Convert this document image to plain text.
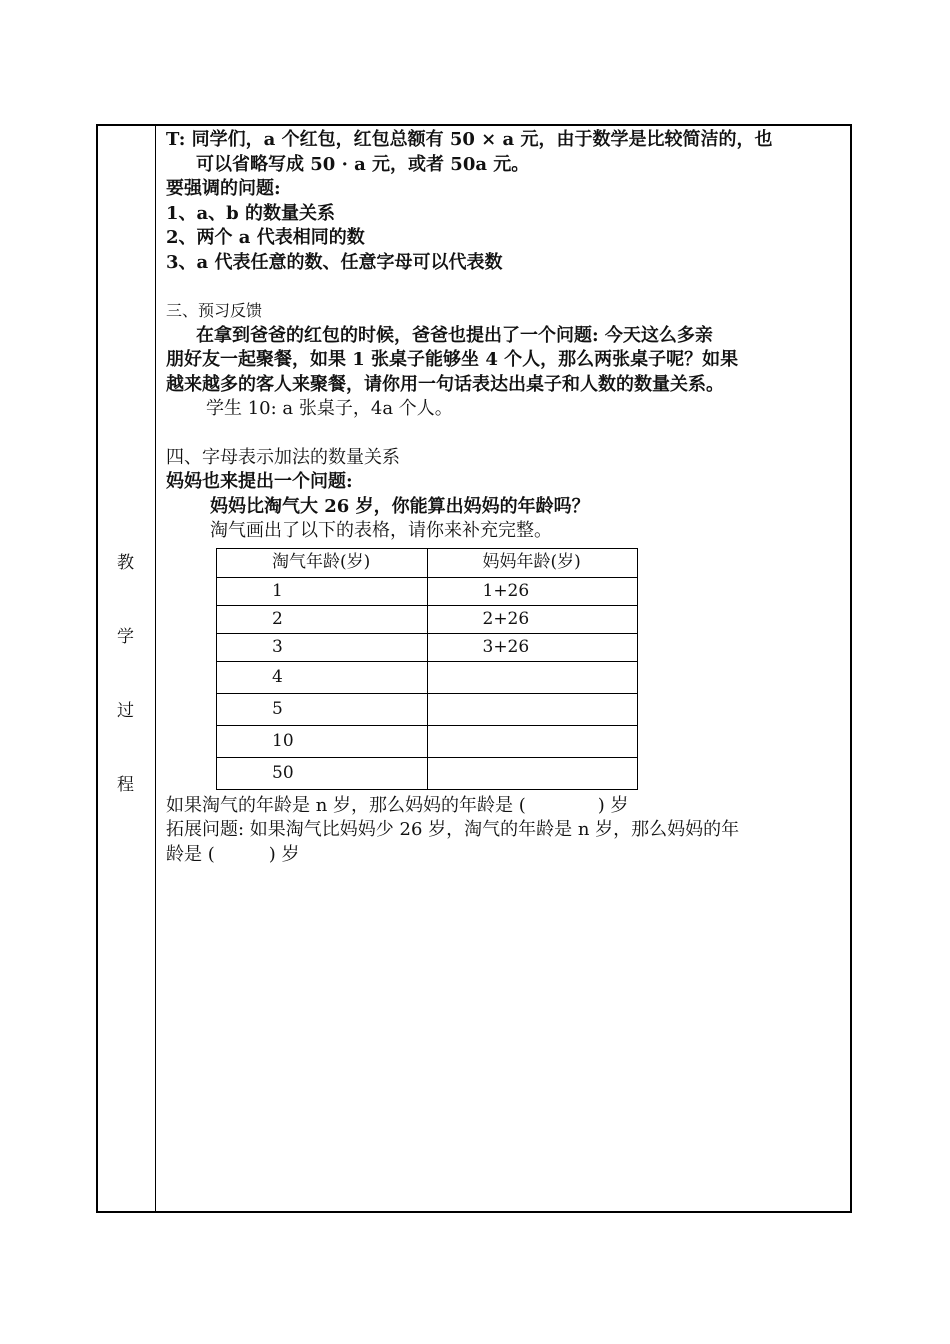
教
学
过
程
T: 同学们，a 个红包，红包总额有 50 × a 元，由于数学是比较简洁的，也
可以省略写成 50 · a 元，或者 50a 元。
要强调的问题:
1、a、b 的数量关系
2、两个 a 代表相同的数
3、a 代表任意的数、任意字母可以代表数
三、预习反馈
在拿到爸爸的红包的时候，爸爸也提出了一个问题: 今天这么多亲
朋好友一起聚餐，如果 1 张桌子能够坐 4 个人，那么两张桌子呢？如果
越来越多的客人来聚餐，请你用一句话表达出桌子和人数的数量关系。
学生 10: a 张桌子，4a 个人。
四、字母表示加法的数量关系
妈妈也来提出一个问题:
妈妈比淘气大 26 岁，你能算出妈妈的年龄吗？
淘气画出了以下的表格，请你来补充完整。
淘气年龄(岁)	妈妈年龄(岁)
1	1+26
2	2+26
3	3+26
4	
5	
10	
50	
如果淘气的年龄是 n 岁，那么妈妈的年龄是 (　　　　) 岁
拓展问题: 如果淘气比妈妈少 26 岁，淘气的年龄是 n 岁，那么妈妈的年
龄是 (　　　) 岁
